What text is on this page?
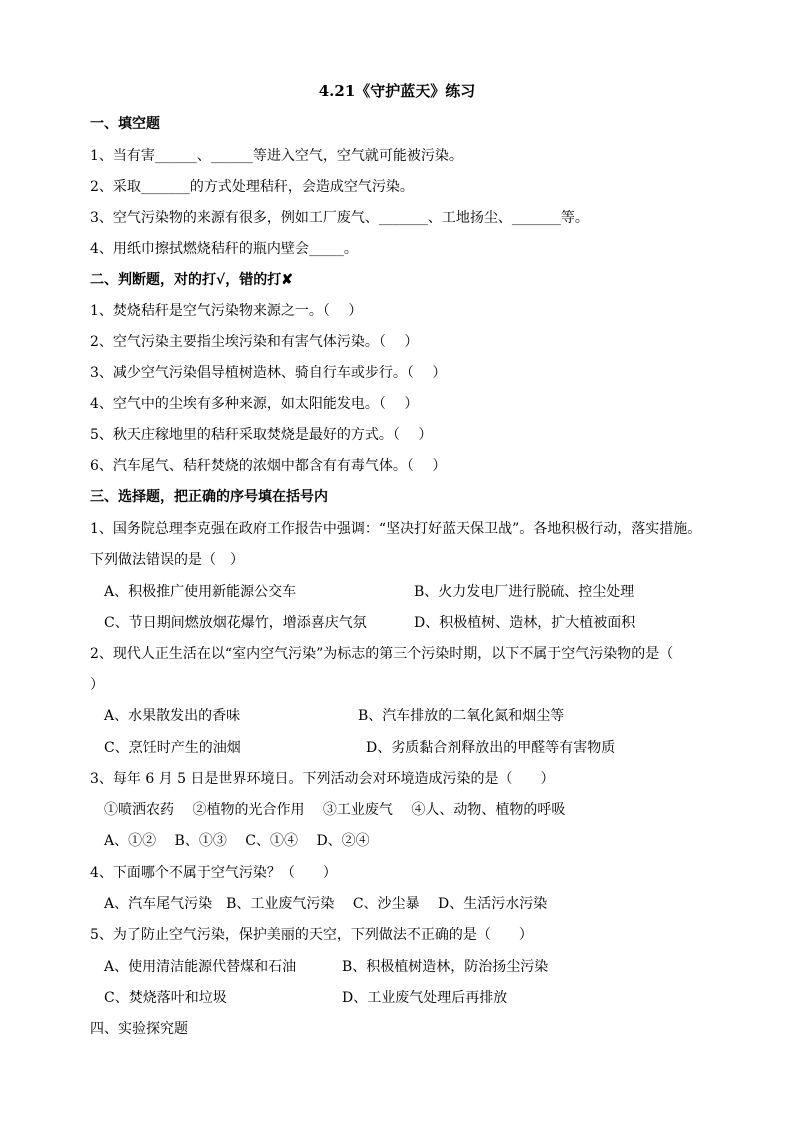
4.21《守护蓝天》练习
一、填空题
1、当有害______、______等进入空气，空气就可能被污染。
2、采取_______的方式处理秸秆，会造成空气污染。
3、空气污染物的来源有很多，例如工厂废气、_______、工地扬尘、_______等。
4、用纸巾擦拭燃烧秸秆的瓶内壁会_____。
二、判断题，对的打√，错的打✘
1、焚烧秸秆是空气污染物来源之一。（　 ）
2、空气污染主要指尘埃污染和有害气体污染。（　 ）
3、减少空气污染倡导植树造林、骑自行车或步行。（　 ）
4、空气中的尘埃有多种来源，如太阳能发电。（　 ）
5、秋天庄稼地里的秸秆采取焚烧是最好的方式。（　 ）
6、汽车尾气、秸秆焚烧的浓烟中都含有有毒气体。（　 ）
三、选择题，把正确的序号填在括号内
1、国务院总理李克强在政府工作报告中强调：“坚决打好蓝天保卫战”。各地积极行动，落实措施。
下列做法错误的是（　）
A、积极推广使用新能源公交车	B、火力发电厂进行脱硫、控尘处理
C、节日期间燃放烟花爆竹，增添喜庆气氛	D、积极植树、造林，扩大植被面积
2、现代人正生活在以“室内空气污染”为标志的第三个污染时期，以下不属于空气污染物的是（
）
A、水果散发出的香味	B、汽车排放的二氧化氮和烟尘等
C、烹饪时产生的油烟	D、劣质黏合剂释放出的甲醛等有害物质
3、每年 6 月 5 日是世界环境日。下列活动会对环境造成污染的是（　　）
①喷洒农药　 ②植物的光合作用　 ③工业废气　 ④人、动物、植物的呼吸
A、①②　 B、①③　 C、①④　 D、②④
4、下面哪个不属于空气污染？（　　）
A、汽车尾气污染　B、工业废气污染　 C、沙尘暴　 D、生活污水污染
5、为了防止空气污染，保护美丽的天空，下列做法不正确的是（　　）
A、使用清洁能源代替煤和石油	B、积极植树造林，防治扬尘污染
C、焚烧落叶和垃圾	D、工业废气处理后再排放
四、实验探究题
